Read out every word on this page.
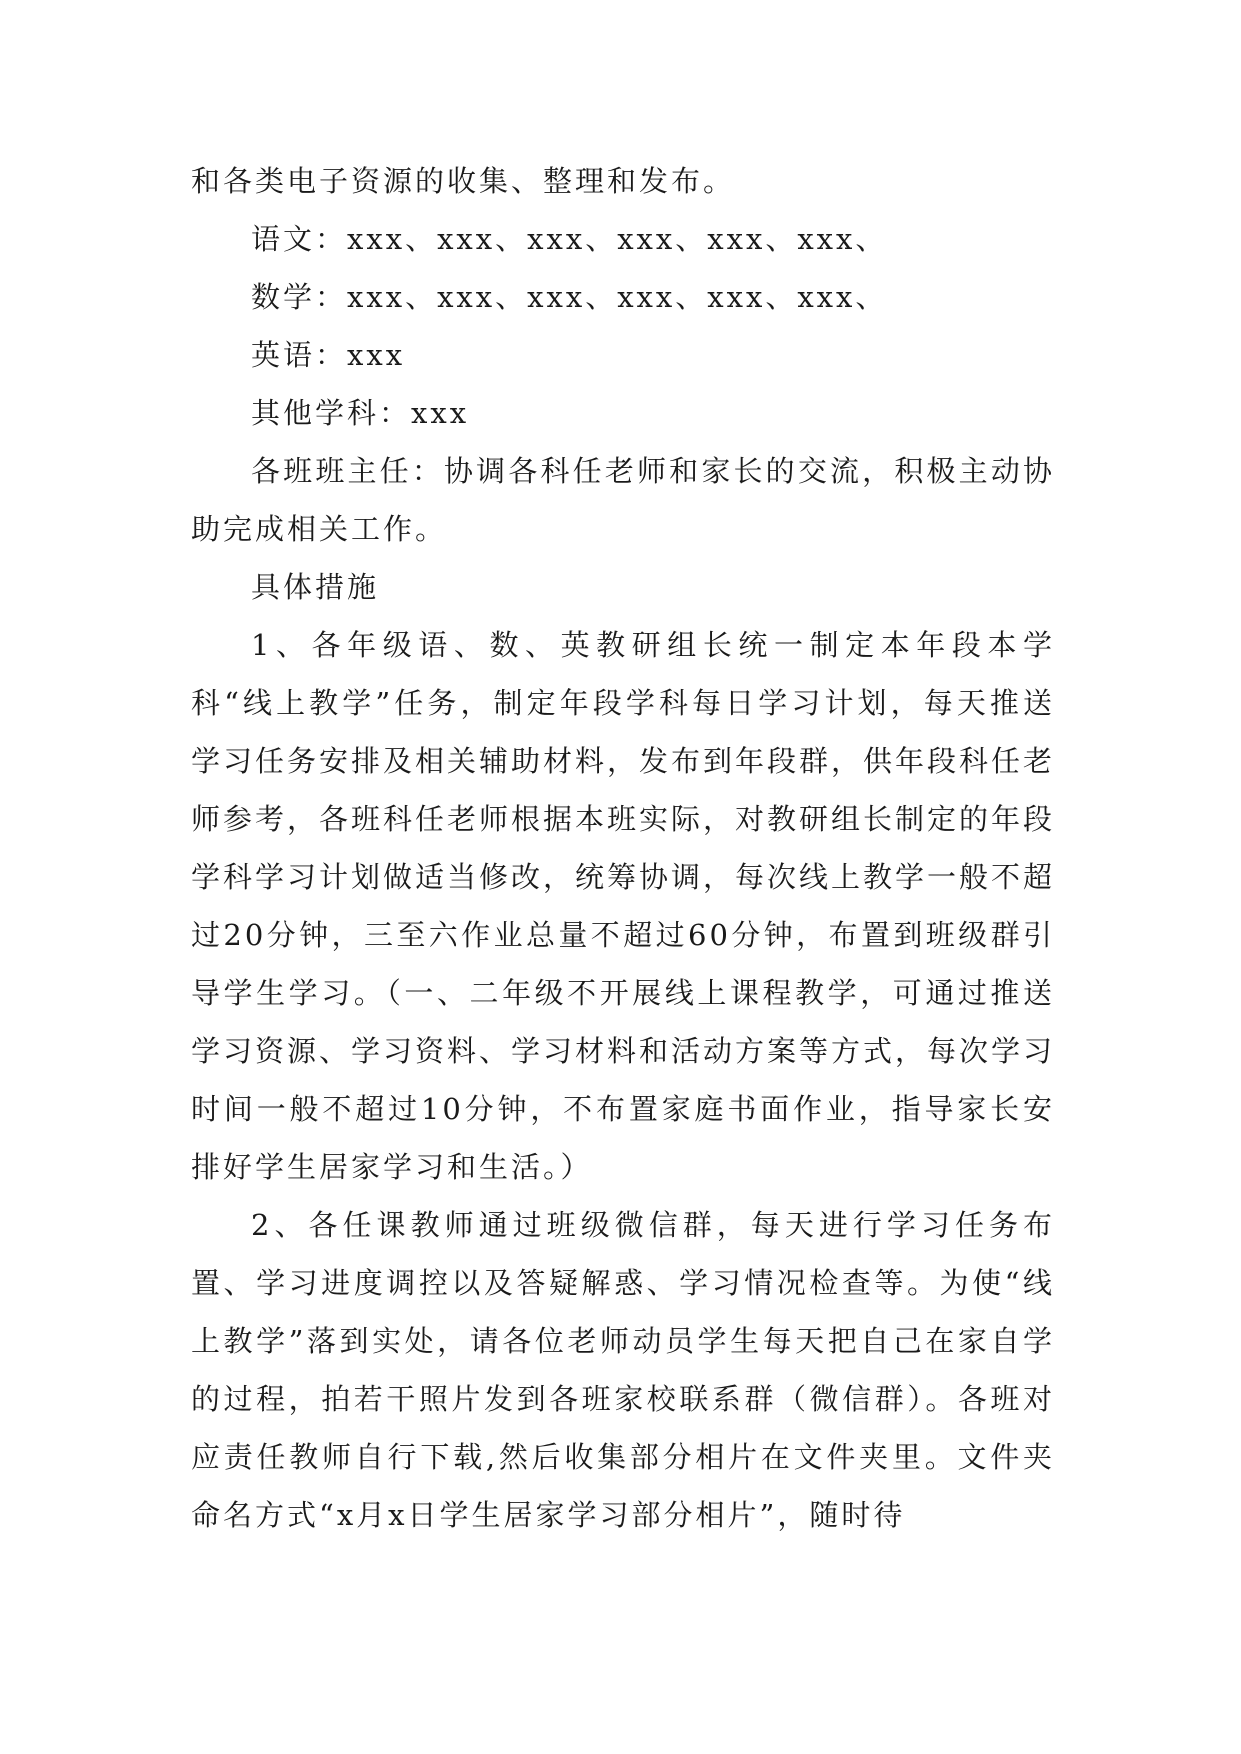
和各类电子资源的收集、整理和发布。

语文：xxx、xxx、xxx、xxx、xxx、xxx、

数学：xxx、xxx、xxx、xxx、xxx、xxx、

英语：xxx

其他学科：xxx

各班班主任：协调各科任老师和家长的交流，积极主动协助完成相关工作。

具体措施

1、各年级语、数、英教研组长统一制定本年段本学科“线上教学”任务，制定年段学科每日学习计划，每天推送学习任务安排及相关辅助材料，发布到年段群，供年段科任老师参考，各班科任老师根据本班实际，对教研组长制定的年段学科学习计划做适当修改，统筹协调，每次线上教学一般不超过20分钟，三至六作业总量不超过60分钟，布置到班级群引导学生学习。（一、二年级不开展线上课程教学，可通过推送学习资源、学习资料、学习材料和活动方案等方式，每次学习时间一般不超过10分钟，不布置家庭书面作业，指导家长安排好学生居家学习和生活。）

2、各任课教师通过班级微信群，每天进行学习任务布置、学习进度调控以及答疑解惑、学习情况检查等。为使“线上教学”落到实处，请各位老师动员学生每天把自己在家自学的过程，拍若干照片发到各班家校联系群（微信群）。各班对应责任教师自行下载,然后收集部分相片在文件夹里。文件夹命名方式“x月x日学生居家学习部分相片”，随时待
